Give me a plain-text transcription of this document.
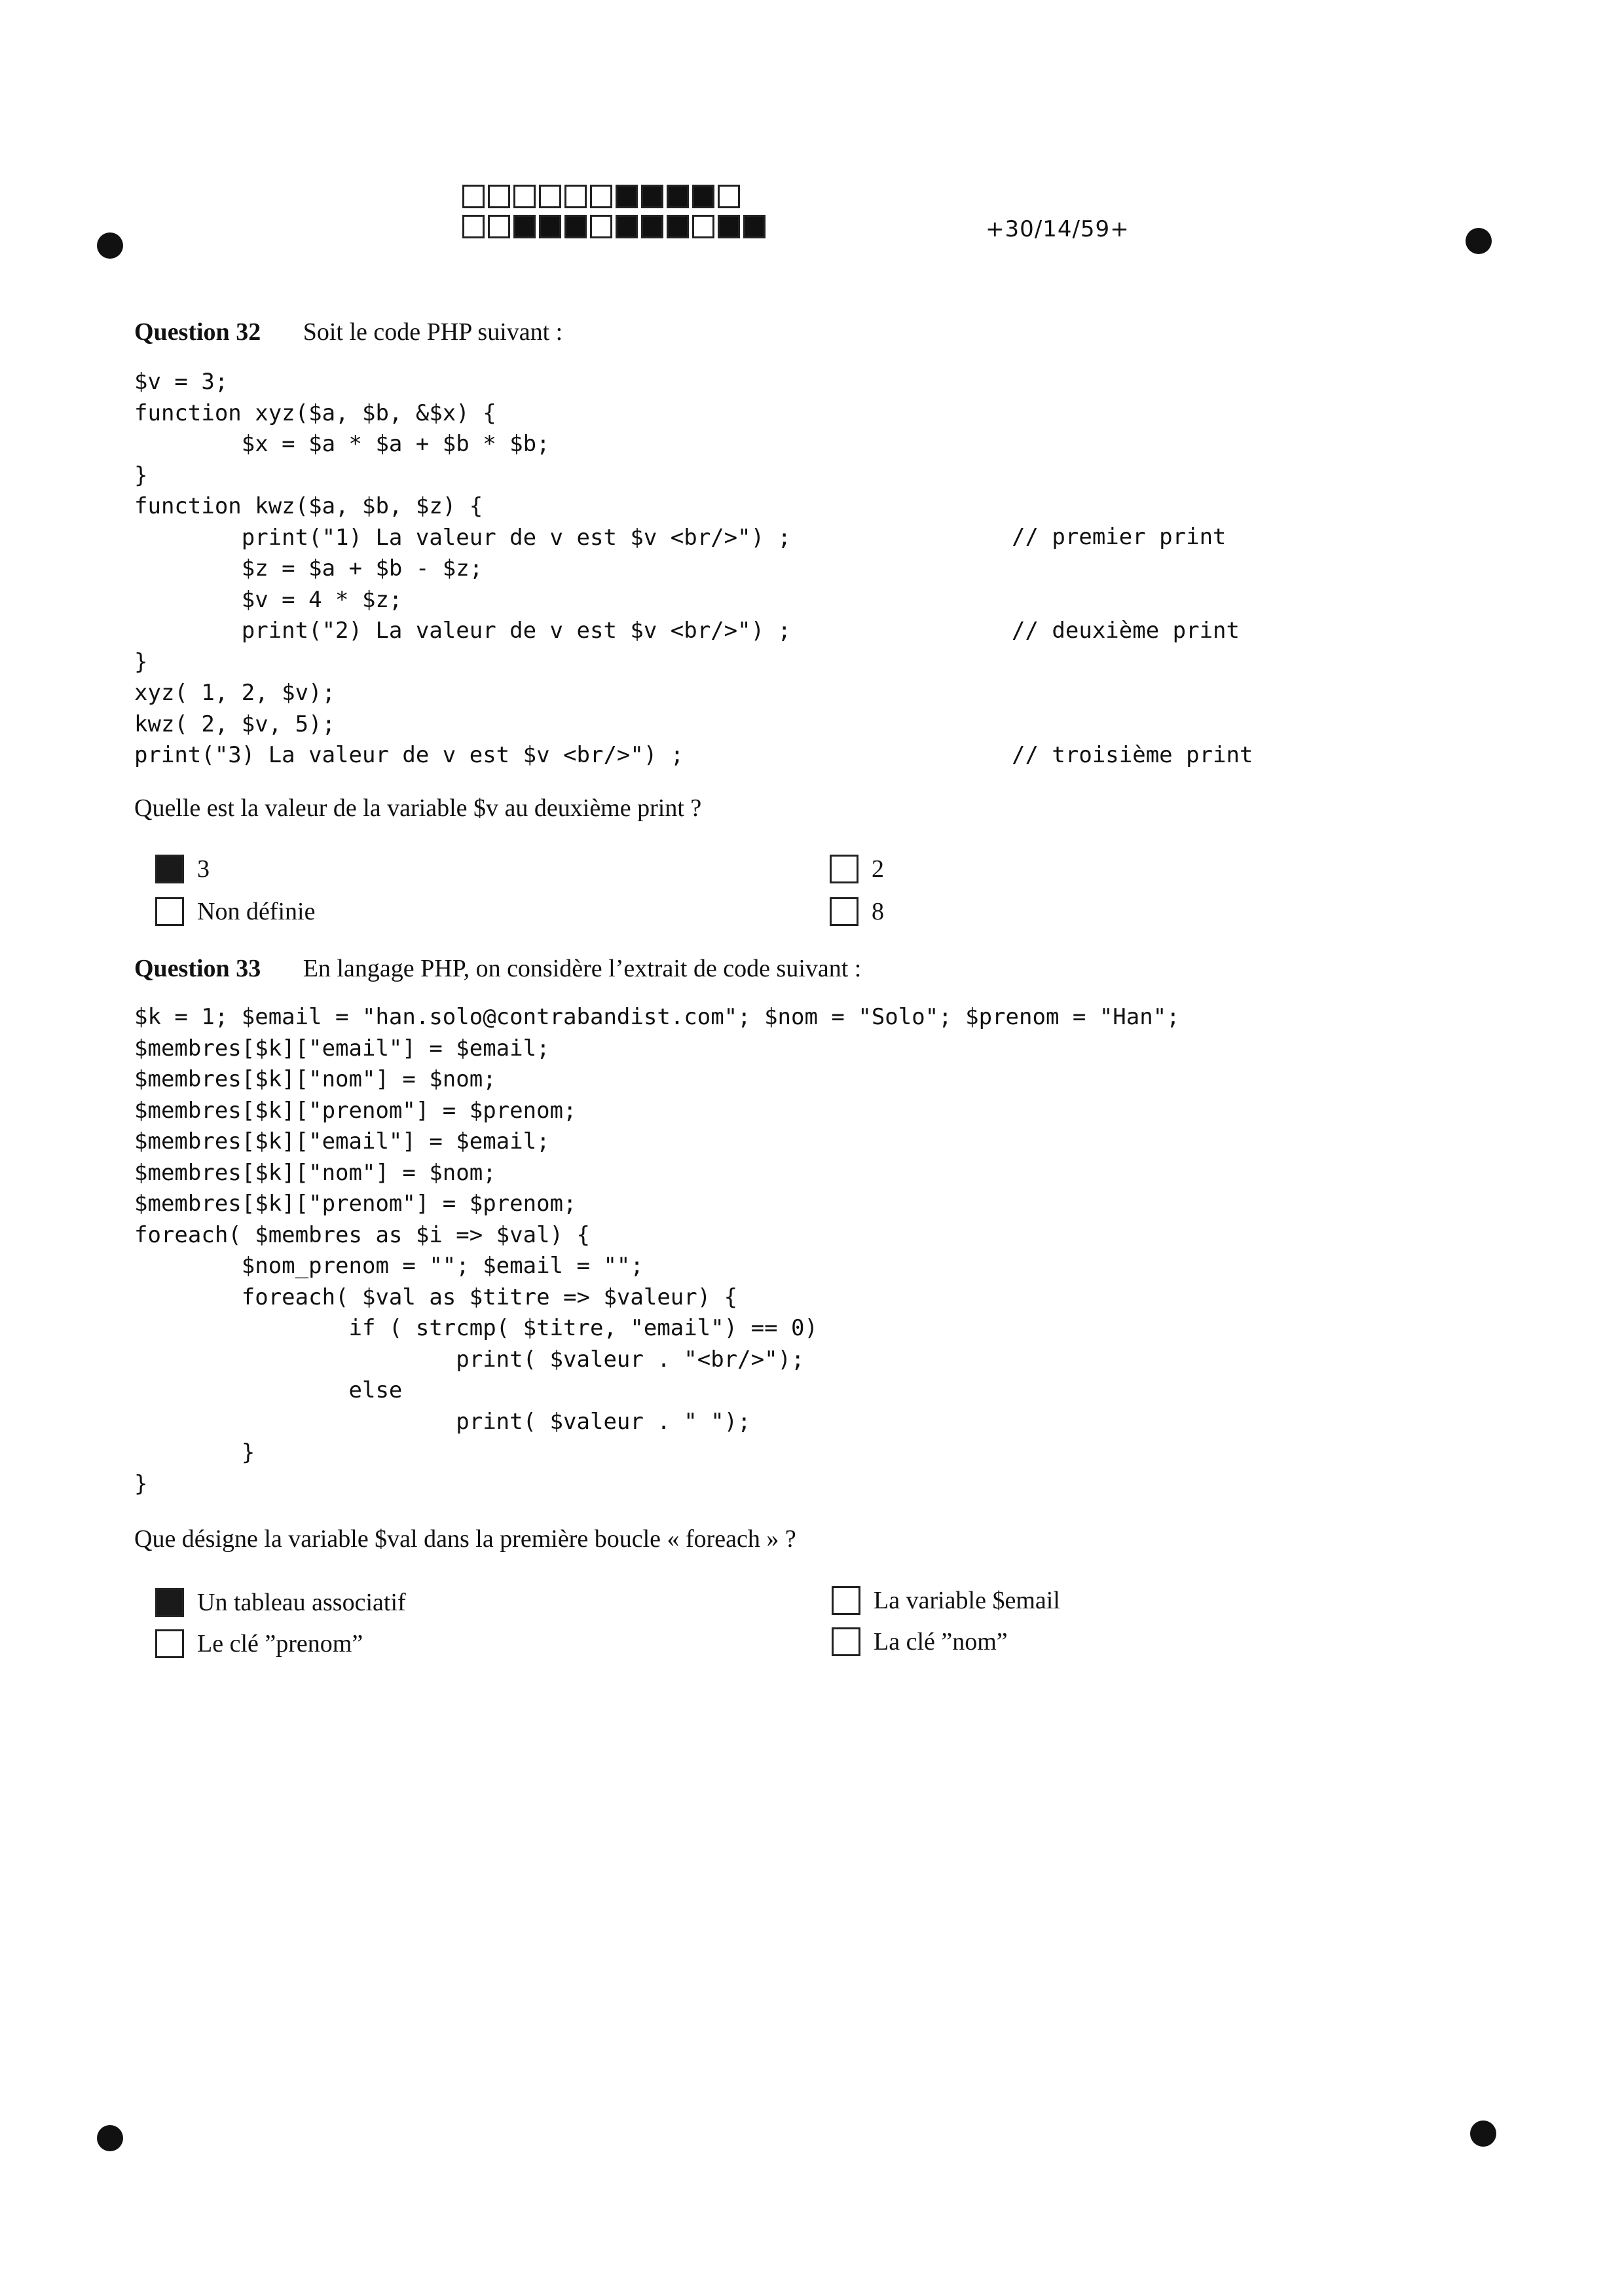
+30/14/59+
Question 32 Soit le code PHP suivant :
$v = 3;
function xyz($a, $b, &$x) {
$x = $a * $a + $b * $b;
}
function kwz($a, $b, $z) {
print("1) La valeur de v est $v <br/>") ;
$z = $a + $b - $z;
$v = 4 * $z;
print("2) La valeur de v est $v <br/>") ;
}
xyz( 1, 2, $v);
kwz( 2, $v, 5);
print("3) La valeur de v est $v <br/>") ;
// premier print
// deuxième print
// troisième print
Quelle est la valeur de la variable $v au deuxième print ?
3	2
Non définie	8
Question 33 En langage PHP, on considère l’extrait de code suivant :
$k = 1; $email = "han.solo@contrabandist.com"; $nom = "Solo"; $prenom = "Han";
$membres[$k]["email"] = $email;
$membres[$k]["nom"] = $nom;
$membres[$k]["prenom"] = $prenom;
$membres[$k]["email"] = $email;
$membres[$k]["nom"] = $nom;
$membres[$k]["prenom"] = $prenom;
foreach( $membres as $i => $val) {
$nom_prenom = ""; $email = "";
foreach( $val as $titre => $valeur) {
if ( strcmp( $titre, "email") == 0)
print( $valeur . "<br/>");
else
print( $valeur . " ");
}
}
Que désigne la variable $val dans la première boucle « foreach » ?
Un tableau associatif	La variable $email
Le clé ”prenom”	La clé ”nom”
